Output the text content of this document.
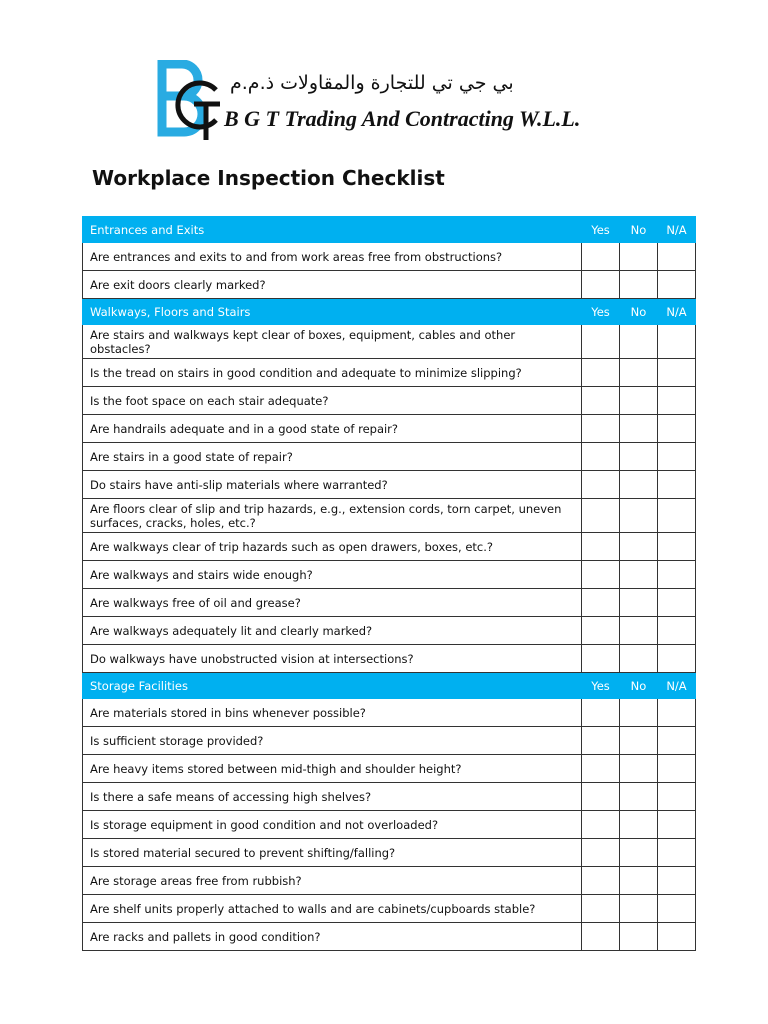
بي جي تي للتجارة والمقاولات ذ.م.م
B G T Trading And Contracting W.L.L.
Workplace Inspection Checklist
Entrances and Exits	Yes	No	N/A
Are entrances and exits to and from work areas free from obstructions?			
Are exit doors clearly marked?			
Walkways, Floors and Stairs	Yes	No	N/A
Are stairs and walkways kept clear of boxes, equipment, cables and other obstacles?			
Is the tread on stairs in good condition and adequate to minimize slipping?			
Is the foot space on each stair adequate?			
Are handrails adequate and in a good state of repair?			
Are stairs in a good state of repair?			
Do stairs have anti-slip materials where warranted?			
Are floors clear of slip and trip hazards, e.g., extension cords, torn carpet, uneven surfaces, cracks, holes, etc.?			
Are walkways clear of trip hazards such as open drawers, boxes, etc.?			
Are walkways and stairs wide enough?			
Are walkways free of oil and grease?			
Are walkways adequately lit and clearly marked?			
Do walkways have unobstructed vision at intersections?			
Storage Facilities	Yes	No	N/A
Are materials stored in bins whenever possible?			
Is sufficient storage provided?			
Are heavy items stored between mid-thigh and shoulder height?			
Is there a safe means of accessing high shelves?			
Is storage equipment in good condition and not overloaded?			
Is stored material secured to prevent shifting/falling?			
Are storage areas free from rubbish?			
Are shelf units properly attached to walls and are cabinets/cupboards stable?			
Are racks and pallets in good condition?			
